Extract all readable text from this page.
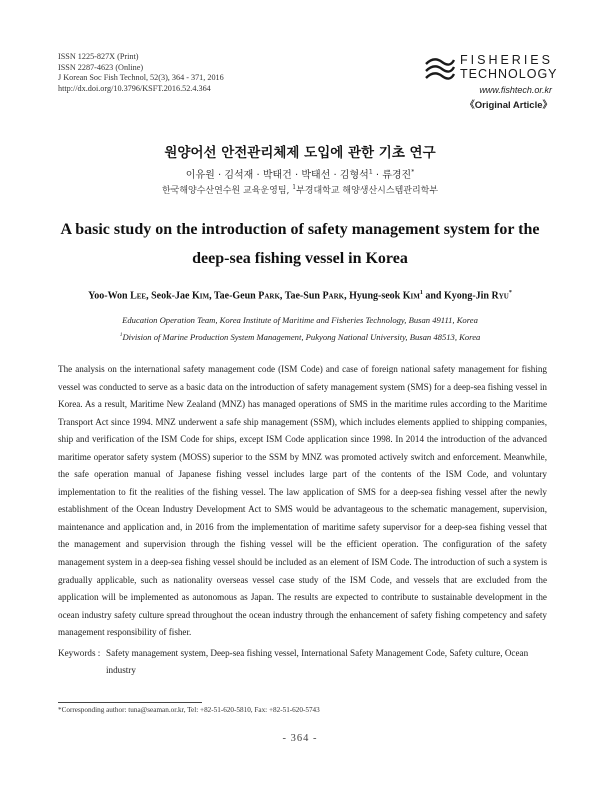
ISSN 1225-827X (Print)
ISSN 2287-4623 (Online)
J Korean Soc Fish Technol, 52(3), 364 - 371, 2016
http://dx.doi.org/10.3796/KSFT.2016.52.4.364
FISHERIES
TECHNOLOGY
www.fishtech.or.kr
《Original Article》
원양어선 안전관리체제 도입에 관한 기초 연구
이유원 · 김석재 · 박태건 · 박태선 · 김형석$^1$ · 류경진*
한국해양수산연수원 교육운영팀, $^1$부경대학교 해양생산시스템관리학부
A basic study on the introduction of safety management system for the deep-sea fishing vessel in Korea
Yoo-Won Lee, Seok-Jae Kim, Tae-Geun Park, Tae-Sun Park, Hyung-seok Kim$^1$ and Kyong-Jin Ryu*
Education Operation Team, Korea Institute of Maritime and Fisheries Technology, Busan 49111, Korea
$^1$Division of Marine Production System Management, Pukyong National University, Busan 48513, Korea
The analysis on the international safety management code (ISM Code) and case of foreign national safety management for fishing vessel was conducted to serve as a basic data on the introduction of safety management system (SMS) for a deep-sea fishing vessel in Korea. As a result, Maritime New Zealand (MNZ) has managed operations of SMS in the maritime rules according to the Maritime Transport Act since 1994. MNZ underwent a safe ship management (SSM), which includes elements applied to shipping companies, ship and verification of the ISM Code for ships, except ISM Code application since 1998. In 2014 the introduction of the advanced maritime operator safety system (MOSS) superior to the SSM by MNZ was promoted actively switch and enforcement. Meanwhile, the safe operation manual of Japanese fishing vessel includes large part of the contents of the ISM Code, and voluntary implementation to fit the realities of the fishing vessel. The law application of SMS for a deep-sea fishing vessel after the newly establishment of the Ocean Industry Development Act to SMS would be advantageous to the schematic management, supervision, maintenance and application and, in 2016 from the implementation of maritime safety supervisor for a deep-sea fishing vessel that the management and supervision through the fishing vessel will be the efficient operation. The configuration of the safety management system in a deep-sea fishing vessel should be included as an element of ISM Code. The introduction of such a system is gradually applicable, such as nationality overseas vessel case study of the ISM Code, and vessels that are excluded from the application will be implemented as autonomous as Japan. The results are expected to contribute to sustainable development in the ocean industry safety culture spread throughout the ocean industry through the enhancement of safety fishing competency and safety management responsibility of fisher.
Keywords : Safety management system, Deep-sea fishing vessel, International Safety Management Code, Safety culture, Ocean industry
*Corresponding author: tuna@seaman.or.kr, Tel: +82-51-620-5810, Fax: +82-51-620-5743
- 364 -
